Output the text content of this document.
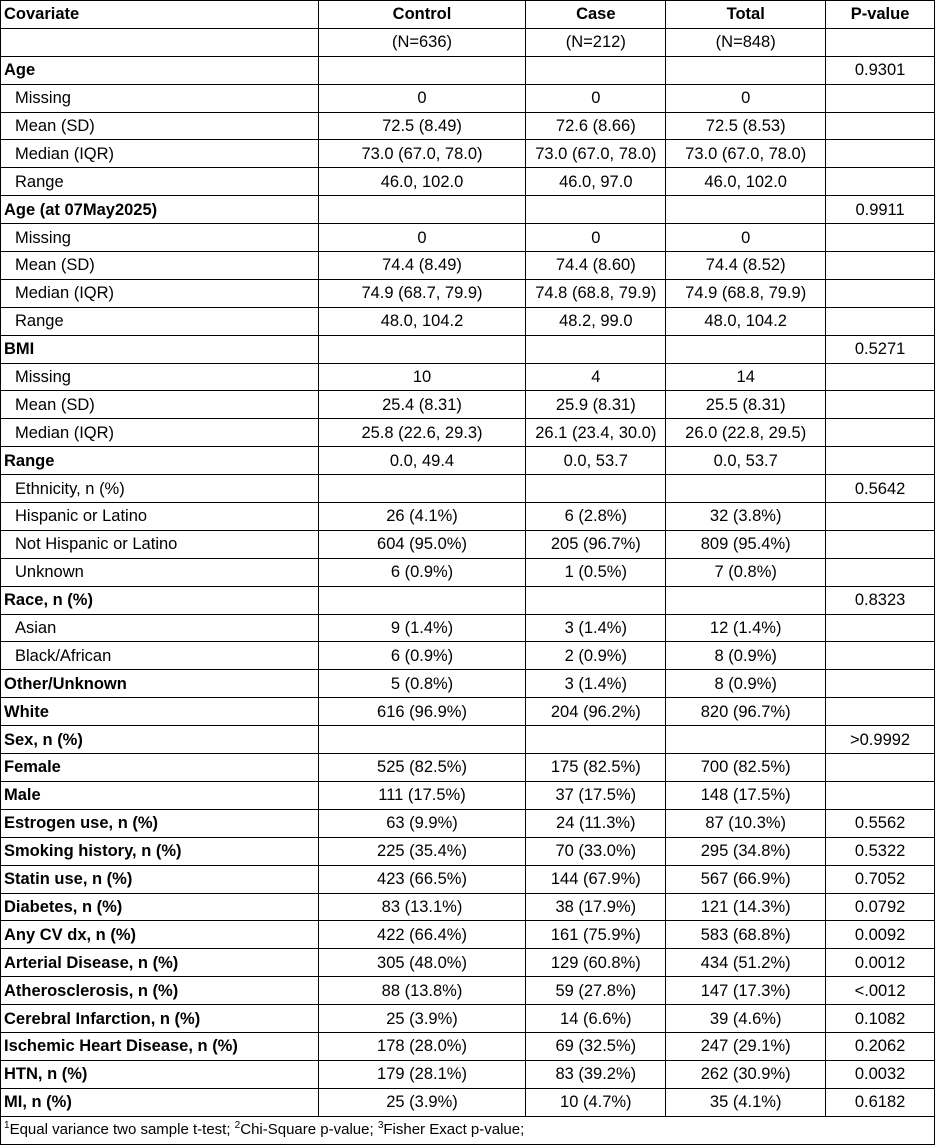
Covariate	Control	Case	Total	P-value
	(N=636)	(N=212)	(N=848)	
Age				0.9301
Missing	0	0	0	
Mean (SD)	72.5 (8.49)	72.6 (8.66)	72.5 (8.53)	
Median (IQR)	73.0 (67.0, 78.0)	73.0 (67.0, 78.0)	73.0 (67.0, 78.0)	
Range	46.0, 102.0	46.0, 97.0	46.0, 102.0	
Age (at 07May2025)				0.9911
Missing	0	0	0	
Mean (SD)	74.4 (8.49)	74.4 (8.60)	74.4 (8.52)	
Median (IQR)	74.9 (68.7, 79.9)	74.8 (68.8, 79.9)	74.9 (68.8, 79.9)	
Range	48.0, 104.2	48.2, 99.0	48.0, 104.2	
BMI				0.5271
Missing	10	4	14	
Mean (SD)	25.4 (8.31)	25.9 (8.31)	25.5 (8.31)	
Median (IQR)	25.8 (22.6, 29.3)	26.1 (23.4, 30.0)	26.0 (22.8, 29.5)	
Range	0.0, 49.4	0.0, 53.7	0.0, 53.7	
Ethnicity, n (%)				0.5642
Hispanic or Latino	26 (4.1%)	6 (2.8%)	32 (3.8%)	
Not Hispanic or Latino	604 (95.0%)	205 (96.7%)	809 (95.4%)	
Unknown	6 (0.9%)	1 (0.5%)	7 (0.8%)	
Race, n (%)				0.8323
Asian	9 (1.4%)	3 (1.4%)	12 (1.4%)	
Black/African	6 (0.9%)	2 (0.9%)	8 (0.9%)	
Other/Unknown	5 (0.8%)	3 (1.4%)	8 (0.9%)	
White	616 (96.9%)	204 (96.2%)	820 (96.7%)	
Sex, n (%)				>0.9992
Female	525 (82.5%)	175 (82.5%)	700 (82.5%)	
Male	111 (17.5%)	37 (17.5%)	148 (17.5%)	
Estrogen use, n (%)	63 (9.9%)	24 (11.3%)	87 (10.3%)	0.5562
Smoking history, n (%)	225 (35.4%)	70 (33.0%)	295 (34.8%)	0.5322
Statin use, n (%)	423 (66.5%)	144 (67.9%)	567 (66.9%)	0.7052
Diabetes, n (%)	83 (13.1%)	38 (17.9%)	121 (14.3%)	0.0792
Any CV dx, n (%)	422 (66.4%)	161 (75.9%)	583 (68.8%)	0.0092
Arterial Disease, n (%)	305 (48.0%)	129 (60.8%)	434 (51.2%)	0.0012
Atherosclerosis, n (%)	88 (13.8%)	59 (27.8%)	147 (17.3%)	<.0012
Cerebral Infarction, n (%)	25 (3.9%)	14 (6.6%)	39 (4.6%)	0.1082
Ischemic Heart Disease, n (%)	178 (28.0%)	69 (32.5%)	247 (29.1%)	0.2062
HTN, n (%)	179 (28.1%)	83 (39.2%)	262 (30.9%)	0.0032
MI, n (%)	25 (3.9%)	10 (4.7%)	35 (4.1%)	0.6182
$^1$Equal variance two sample t-test; $^2$Chi-Square p-value; $^3$Fisher Exact p-value;				
